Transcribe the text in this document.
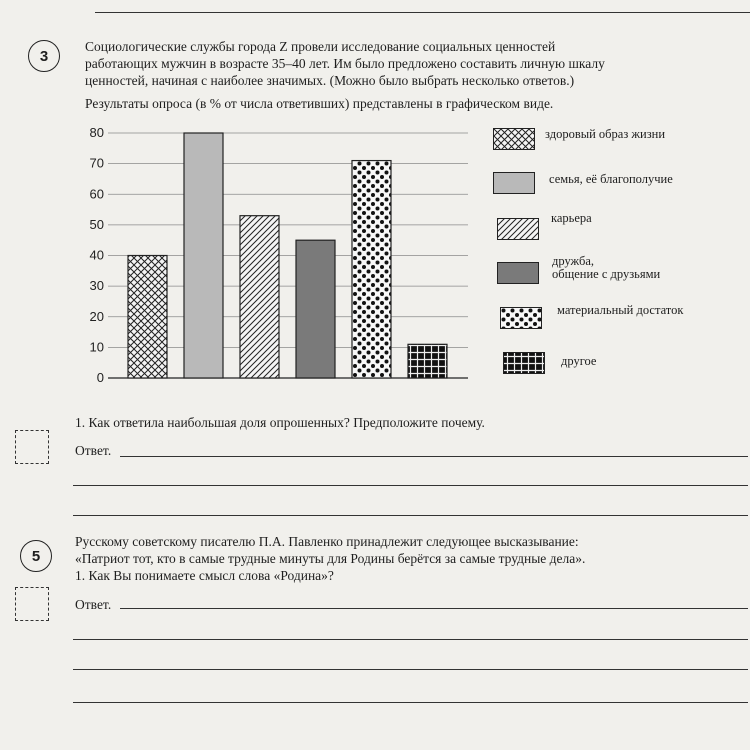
3
Социологические службы города Z провели исследование социальных ценностей
работающих мужчин в возрасте 35–40 лет. Им было предложено составить личную шкалу
ценностей, начиная с наиболее значимых. (Можно было выбрать несколько ответов.)
Результаты опроса (в % от числа ответивших) представлены в графическом виде.
0
10
20
30
40
50
60
70
80	здоровый образ жизни
семья, её благополучие
карьера
дружба,
общение с друзьями
материальный достаток
другое
1. Как ответила наибольшая доля опрошенных? Предположите почему.
Ответ.
5
Русскому советскому писателю П.А. Павленко принадлежит следующее высказывание:
«Патриот тот, кто в самые трудные минуты для Родины берётся за самые трудные дела».
1. Как Вы понимаете смысл слова «Родина»?
Ответ.
